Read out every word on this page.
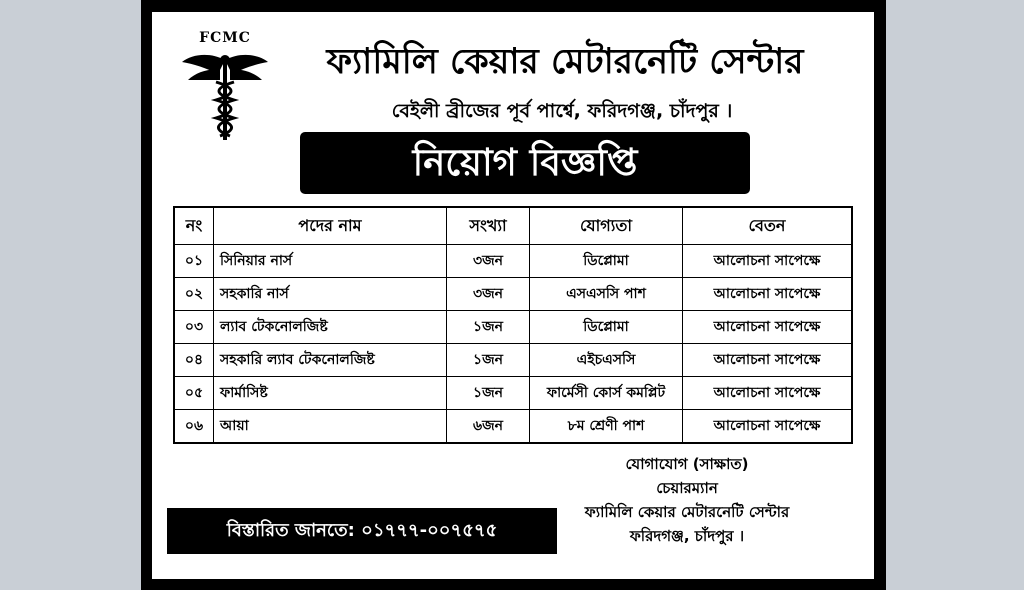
FCMC
ফ্যামিলি কেয়ার মেটারনেটি সেন্টার
বেইলী ব্রীজের পূর্ব পার্শ্বে, ফরিদগঞ্জ, চাঁদপুর ।
নিয়োগ বিজ্ঞপ্তি
নং	পদের নাম	সংখ্যা	যোগ্যতা	বেতন
০১	সিনিয়ার নার্স	৩জন	ডিপ্লোমা	আলোচনা সাপেক্ষে
০২	সহকারি নার্স	৩জন	এসএসসি পাশ	আলোচনা সাপেক্ষে
০৩	ল্যাব টেকনোলজিষ্ট	১জন	ডিপ্লোমা	আলোচনা সাপেক্ষে
০৪	সহকারি ল্যাব টেকনোলজিষ্ট	১জন	এইচএসসি	আলোচনা সাপেক্ষে
০৫	ফার্মাসিষ্ট	১জন	ফার্মেসী কোর্স কমপ্লিট	আলোচনা সাপেক্ষে
০৬	আয়া	৬জন	৮ম শ্রেণী পাশ	আলোচনা সাপেক্ষে
যোগাযোগ (সাক্ষাত)
চেয়ারম্যান
ফ্যামিলি কেয়ার মেটারনেটি সেন্টার
ফরিদগঞ্জ, চাঁদপুর ।
বিস্তারিত জানতে: ০১৭৭৭-০০৭৫৭৫
